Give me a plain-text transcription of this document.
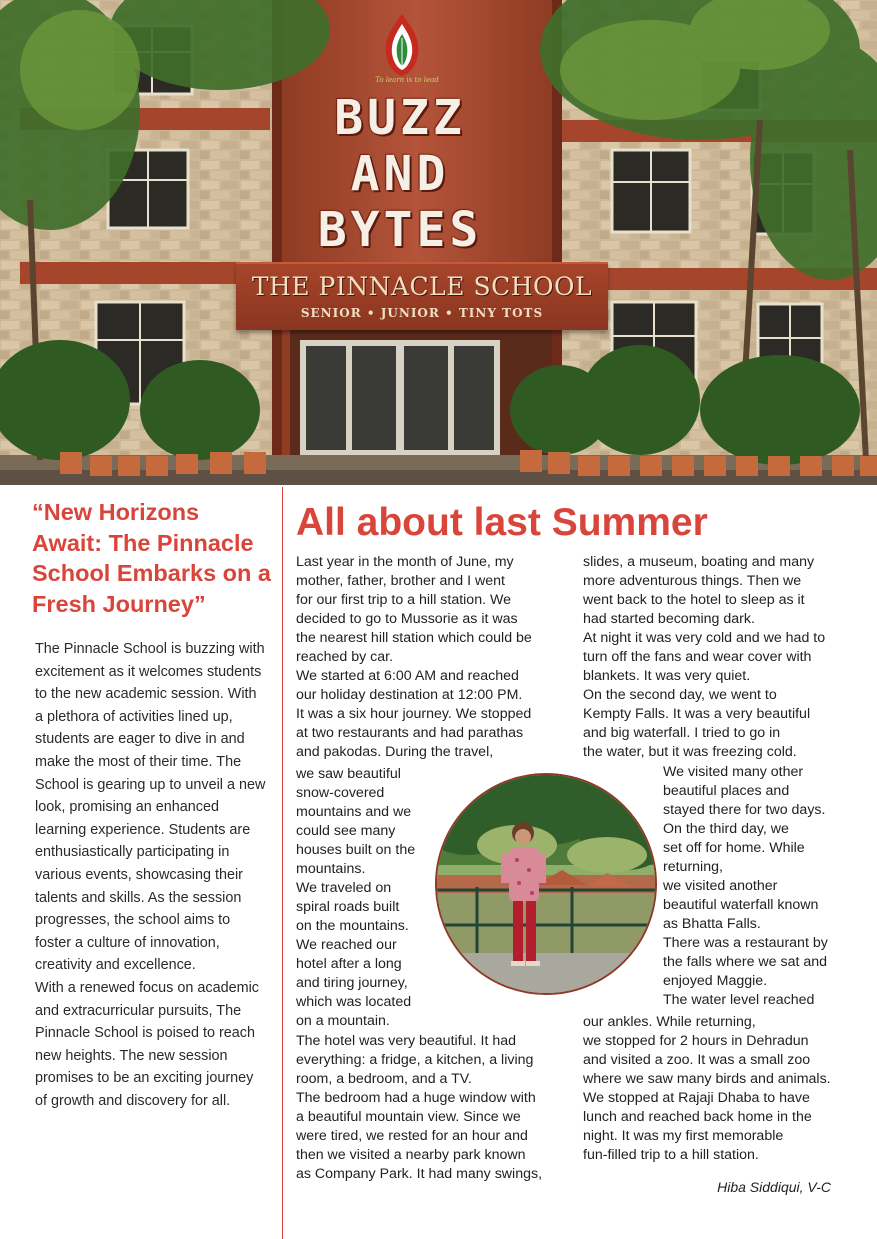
To learn is to lead
BUZZ
AND
BYTES
THE PINNACLE SCHOOL
SENIOR • JUNIOR • TINY TOTS
“New Horizons Await: The Pinnacle School Embarks on a Fresh Journey”

The Pinnacle School is buzzing with excitement as it welcomes students to the new academic session. With a plethora of activities lined up, students are eager to dive in and make the most of their time. The School is gearing up to unveil a new look, promising an enhanced learning experience. Students are enthusiastically participating in various events, showcasing their talents and skills. As the session progresses, the school aims to foster a culture of innovation, creativity and excellence.

With a renewed focus on academic and extracurricular pursuits, The Pinnacle School is poised to reach new heights. The new session promises to be an exciting journey of growth and discovery for all.

All about last Summer
Last year in the month of June, my
mother, father, brother and I went
for our first trip to a hill station. We
decided to go to Mussorie as it was
the nearest hill station which could be
reached by car.
We started at 6:00 AM and reached
our holiday destination at 12:00 PM.
It was a six hour journey. We stopped
at two restaurants and had parathas
and pakodas. During the travel,
we saw beautiful
snow-covered
mountains and we
could see many
houses built on the
mountains.
We traveled on
spiral roads built
on the mountains.
We reached our
hotel after a long
and tiring journey,
which was located
on a mountain.
The hotel was very beautiful. It had
everything: a fridge, a kitchen, a living
room, a bedroom, and a TV.
The bedroom had a huge window with
a beautiful mountain view. Since we
were tired, we rested for an hour and
then we visited a nearby park known
as Company Park. It had many swings,
slides, a museum, boating and many
more adventurous things. Then we
went back to the hotel to sleep as it
had started becoming dark.
At night it was very cold and we had to
turn off the fans and wear cover with
blankets. It was very quiet.
On the second day, we went to
Kempty Falls. It was a very beautiful
and big waterfall. I tried to go in
the water, but it was freezing cold.
We visited many other
beautiful places and
stayed there for two days.
On the third day, we
set off for home. While
returning,
we visited another
beautiful waterfall known
as Bhatta Falls.
There was a restaurant by
the falls where we sat and
enjoyed Maggie.
The water level reached
our ankles. While returning,
we stopped for 2 hours in Dehradun
and visited a zoo. It was a small zoo
where we saw many birds and animals.
We stopped at Rajaji Dhaba to have
lunch and reached back home in the
night. It was my first memorable
fun-filled trip to a hill station.
Hiba Siddiqui, V-C
